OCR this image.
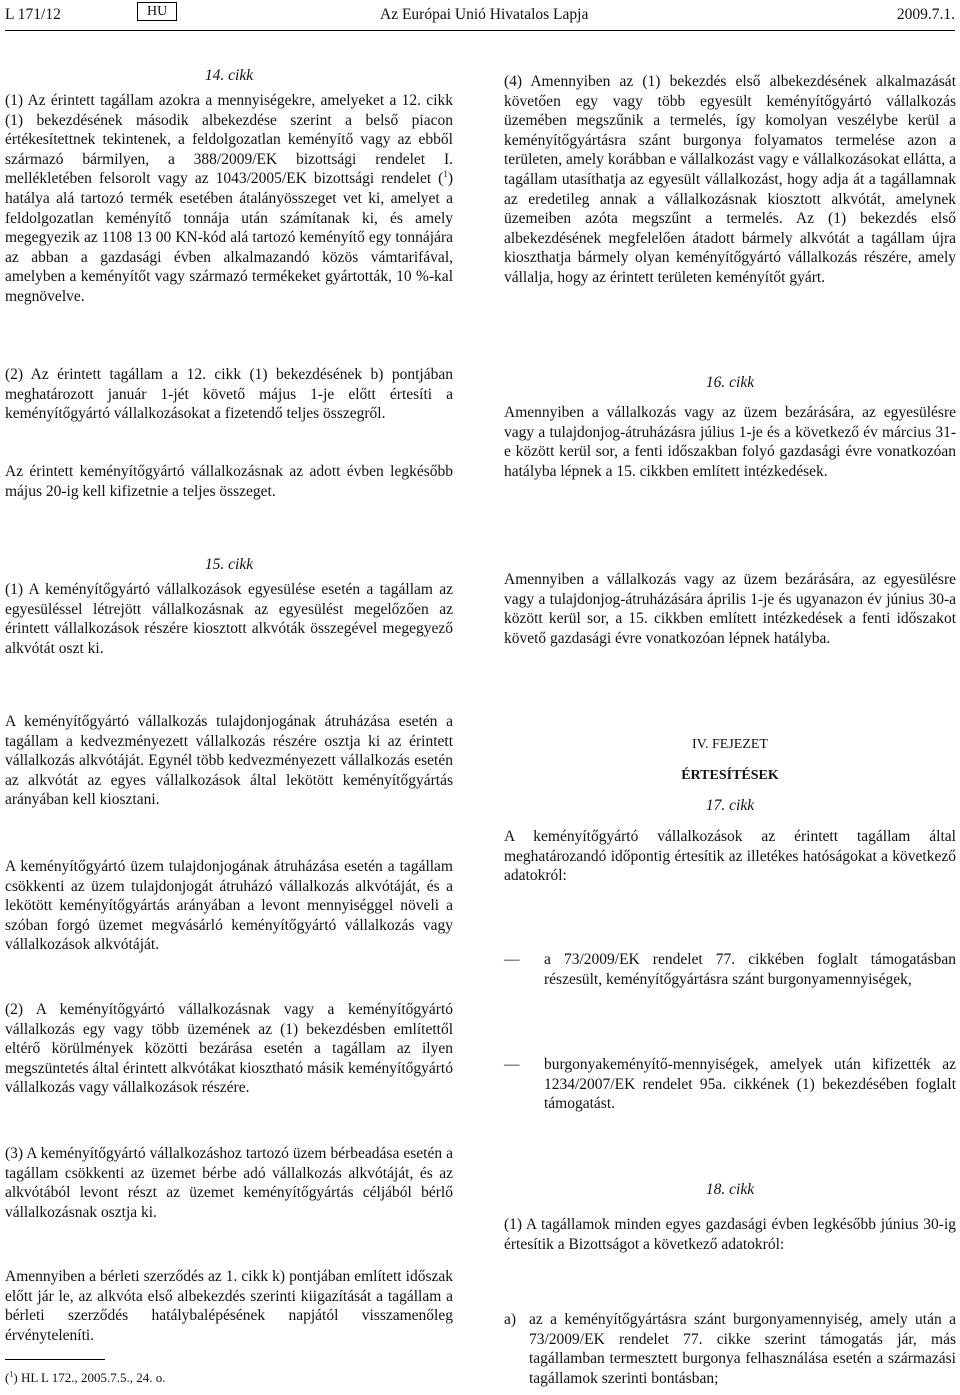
L 171/12	HU	Az Európai Unió Hivatalos Lapja	2009.7.1.
14. cikk

(1) Az érintett tagállam azokra a mennyiségekre, amelyeket a 12. cikk (1) bekezdésének második albekezdése szerint a belső piacon értékesítettnek tekintenek, a feldolgozatlan keményítő vagy az ebből származó bármilyen, a 388/2009/EK bizottsági rendelet I. mellékletében felsorolt vagy az 1043/2005/EK bizottsági rendelet ($^1$) hatálya alá tartozó termék esetében átalányösszeget vet ki, amelyet a feldolgozatlan keményítő tonnája után számítanak ki, és amely megegyezik az 1108 13 00 KN-kód alá tartozó keményítő egy tonnájára az abban a gazdasági évben alkalmazandó közös vámtarifával, amelyben a keményítőt vagy származó termékeket gyártották, 10 %-kal megnövelve.

(2) Az érintett tagállam a 12. cikk (1) bekezdésének b) pontjában meghatározott január 1-jét követő május 1-je előtt értesíti a keményítőgyártó vállalkozásokat a fizetendő teljes összegről.

Az érintett keményítőgyártó vállalkozásnak az adott évben legkésőbb május 20-ig kell kifizetnie a teljes összeget.

15. cikk

(1) A keményítőgyártó vállalkozások egyesülése esetén a tagállam az egyesüléssel létrejött vállalkozásnak az egyesülést megelőzően az érintett vállalkozások részére kiosztott alkvóták összegével megegyező alkvótát oszt ki.

A keményítőgyártó vállalkozás tulajdonjogának átruházása esetén a tagállam a kedvezményezett vállalkozás részére osztja ki az érintett vállalkozás alkvótáját. Egynél több kedvezményezett vállalkozás esetén az alkvótát az egyes vállalkozások által lekötött keményítőgyártás arányában kell kiosztani.

A keményítőgyártó üzem tulajdonjogának átruházása esetén a tagállam csökkenti az üzem tulajdonjogát átruházó vállalkozás alkvótáját, és a lekötött keményítőgyártás arányában a levont mennyiséggel növeli a szóban forgó üzemet megvásárló keményítőgyártó vállalkozás vagy vállalkozások alkvótáját.

(2) A keményítőgyártó vállalkozásnak vagy a keményítőgyártó vállalkozás egy vagy több üzemének az (1) bekezdésben említettől eltérő körülmények közötti bezárása esetén a tagállam az ilyen megszüntetés által érintett alkvótákat kiosztható másik keményítőgyártó vállalkozás vagy vállalkozások részére.

(3) A keményítőgyártó vállalkozáshoz tartozó üzem bérbeadása esetén a tagállam csökkenti az üzemet bérbe adó vállalkozás alkvótáját, és az alkvótából levont részt az üzemet keményítőgyártás céljából bérlő vállalkozásnak osztja ki.

Amennyiben a bérleti szerződés az 1. cikk k) pontjában említett időszak előtt jár le, az alkvóta első albekezdés szerinti kiigazítását a tagállam a bérleti szerződés hatálybalépésének napjától visszamenőleg érvényteleníti.

(4) Amennyiben az (1) bekezdés első albekezdésének alkalmazását követően egy vagy több egyesült keményítőgyártó vállalkozás üzemében megszűnik a termelés, így komolyan veszélybe kerül a keményítőgyártásra szánt burgonya folyamatos termelése azon a területen, amely korábban e vállalkozást vagy e vállalkozásokat ellátta, a tagállam utasíthatja az egyesült vállalkozást, hogy adja át a tagállamnak az eredetileg annak a vállalkozásnak kiosztott alkvótát, amelynek üzemeiben azóta megszűnt a termelés. Az (1) bekezdés első albekezdésének megfelelően átadott bármely alkvótát a tagállam újra kioszthatja bármely olyan keményítőgyártó vállalkozás részére, amely vállalja, hogy az érintett területen keményítőt gyárt.

16. cikk

Amennyiben a vállalkozás vagy az üzem bezárására, az egyesülésre vagy a tulajdonjog-átruházásra július 1-je és a következő év március 31-e között kerül sor, a fenti időszakban folyó gazdasági évre vonatkozóan hatályba lépnek a 15. cikkben említett intézkedések.

Amennyiben a vállalkozás vagy az üzem bezárására, az egyesülésre vagy a tulajdonjog-átruházására április 1-je és ugyanazon év június 30-a között kerül sor, a 15. cikkben említett intézkedések a fenti időszakot követő gazdasági évre vonatkozóan lépnek hatályba.

IV. FEJEZET
ÉRTESÍTÉSEK
17. cikk

A keményítőgyártó vállalkozások az érintett tagállam által meghatározandó időpontig értesítik az illetékes hatóságokat a következő adatokról:

—	a 73/2009/EK rendelet 77. cikkében foglalt támogatásban részesült, keményítőgyártásra szánt burgonyamennyiségek,
—	burgonyakeményítő-mennyiségek, amelyek után kifizették az 1234/2007/EK rendelet 95a. cikkének (1) bekezdésében foglalt támogatást.
18. cikk

(1) A tagállamok minden egyes gazdasági évben legkésőbb június 30-ig értesítik a Bizottságot a következő adatokról:

a) az a keményítőgyártásra szánt burgonyamennyiség, amely után a 73/2009/EK rendelet 77. cikke szerint támogatás jár, más tagállamban termesztett burgonya felhasználása esetén a származási tagállamok szerinti bontásban;
($^1$) HL L 172., 2005.7.5., 24. o.
